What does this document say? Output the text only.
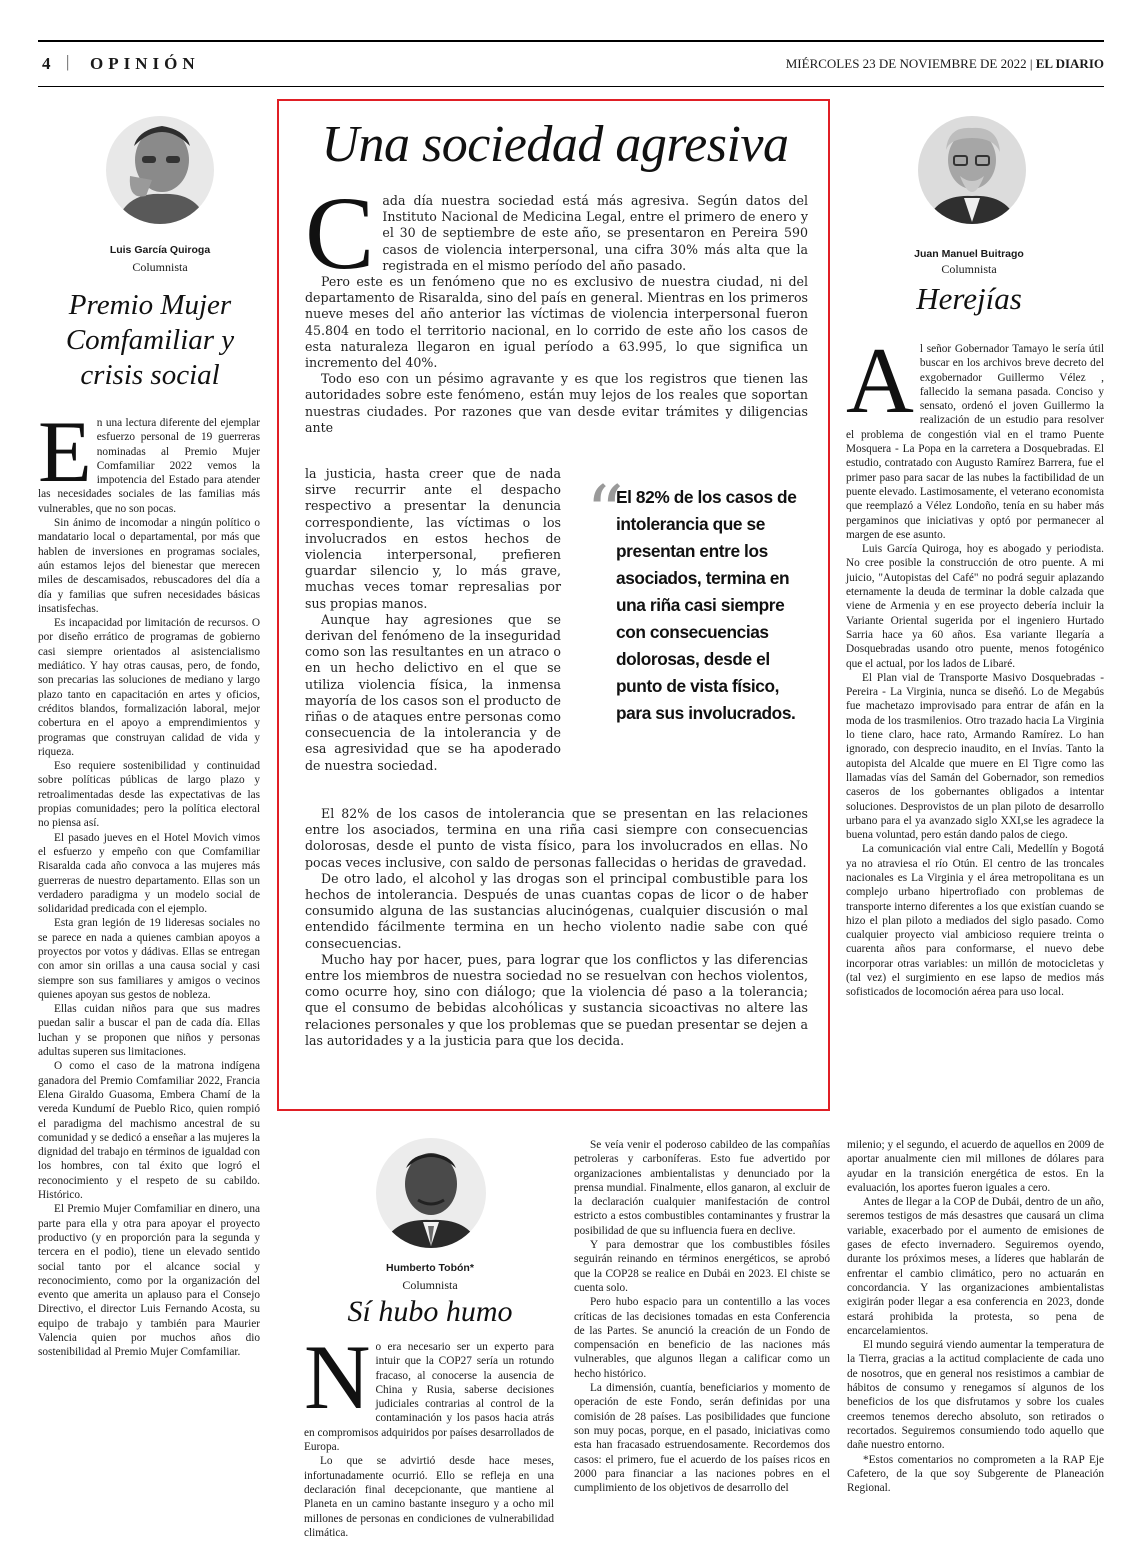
4 | OPINIÓN	MIÉRCOLES 23 DE NOVIEMBRE DE 2022 | EL DIARIO
Una sociedad agresiva
C ada día nuestra sociedad está más agresiva. Según datos del Instituto Nacional de Medicina Legal, entre el primero de enero y el 30 de septiembre de este año, se presentaron en Pereira 590 casos de violencia interpersonal, una cifra 30% más alta que la registrada en el mismo período del año pasado.

Pero este es un fenómeno que no es exclusivo de nuestra ciudad, ni del departamento de Risaralda, sino del país en general. Mientras en los primeros nueve meses del año anterior las víctimas de violencia interpersonal fueron 45.804 en todo el territorio nacional, en lo corrido de este año los casos de esta naturaleza llegaron en igual período a 63.995, lo que significa un incremento del 40%.

Todo eso con un pésimo agravante y es que los registros que tienen las autoridades sobre este fenómeno, están muy lejos de los reales que soportan nuestras ciudades. Por razones que van desde evitar trámites y diligencias ante

la justicia, hasta creer que de nada sirve recurrir ante el despacho respectivo a presentar la denuncia correspondiente, las víctimas o los involucrados en estos hechos de violencia interpersonal, prefieren guardar silencio y, lo más grave, muchas veces tomar represalias por sus propias manos.

Aunque hay agresiones que se derivan del fenómeno de la inseguridad como son las resultantes en un atraco o en un hecho delictivo en el que se utiliza violencia física, la inmensa mayoría de los casos son el producto de riñas o de ataques entre personas como consecuencia de la intolerancia y de esa agresividad que se ha apoderado de nuestra sociedad.

“
El 82% de los casos de intolerancia que se presentan entre los asociados, termina en una riña casi siempre con consecuencias dolorosas, desde el punto de vista físico, para sus involucrados.

El 82% de los casos de intolerancia que se presentan en las relaciones entre los asociados, termina en una riña casi siempre con consecuencias dolorosas, desde el punto de vista físico, para los involucrados en ellas. No pocas veces inclusive, con saldo de personas fallecidas o heridas de gravedad.

De otro lado, el alcohol y las drogas son el principal combustible para los hechos de intolerancia. Después de unas cuantas copas de licor o de haber consumido alguna de las sustancias alucinógenas, cualquier discusión o mal entendido fácilmente termina en un hecho violento nadie sabe con qué consecuencias.

Mucho hay por hacer, pues, para lograr que los conflictos y las diferencias entre los miembros de nuestra sociedad no se resuelvan con hechos violentos, como ocurre hoy, sino con diálogo; que la violencia dé paso a la tolerancia; que el consumo de bebidas alcohólicas y sustancia sicoactivas no altere las relaciones personales y que los problemas que se puedan presentar se dejen a las autoridades y a la justicia para que los decida.

Luis García Quiroga
Columnista
Premio Mujer Comfamiliar y crisis social
E n una lectura diferente del ejemplar esfuerzo personal de 19 guerreras nominadas al Premio Mujer Comfamiliar 2022 vemos la impotencia del Estado para atender las necesidades sociales de las familias más vulnerables, que no son pocas.

Sin ánimo de incomodar a ningún político o mandatario local o departamental, por más que hablen de inversiones en programas sociales, aún estamos lejos del bienestar que merecen miles de descamisados, rebuscadores del día a día y familias que sufren necesidades básicas insatisfechas.

Es incapacidad por limitación de recursos. O por diseño errático de programas de gobierno casi siempre orientados al asistencialismo mediático. Y hay otras causas, pero, de fondo, son precarias las soluciones de mediano y largo plazo tanto en capacitación en artes y oficios, créditos blandos, formalización laboral, mejor cobertura en el apoyo a emprendimientos y programas que construyan calidad de vida y riqueza.

Eso requiere sostenibilidad y continuidad sobre políticas públicas de largo plazo y retroalimentadas desde las expectativas de las propias comunidades; pero la política electoral no piensa así.

El pasado jueves en el Hotel Movich vimos el esfuerzo y empeño con que Comfamiliar Risaralda cada año convoca a las mujeres más guerreras de nuestro departamento. Ellas son un verdadero paradigma y un modelo social de solidaridad predicada con el ejemplo.

Esta gran legión de 19 lideresas sociales no se parece en nada a quienes cambian apoyos a proyectos por votos y dádivas. Ellas se entregan con amor sin orillas a una causa social y casi siempre son sus familiares y amigos o vecinos quienes apoyan sus gestos de nobleza.

Ellas cuidan niños para que sus madres puedan salir a buscar el pan de cada día. Ellas luchan y se proponen que niños y personas adultas superen sus limitaciones.

O como el caso de la matrona indígena ganadora del Premio Comfamiliar 2022, Francia Elena Giraldo Guasoma, Embera Chamí de la vereda Kundumí de Pueblo Rico, quien rompió el paradigma del machismo ancestral de su comunidad y se dedicó a enseñar a las mujeres la dignidad del trabajo en términos de igualdad con los hombres, con tal éxito que logró el reconocimiento y el respeto de su cabildo. Histórico.

El Premio Mujer Comfamiliar en dinero, una parte para ella y otra para apoyar el proyecto productivo (y en proporción para la segunda y tercera en el podio), tiene un elevado sentido social tanto por el alcance social y reconocimiento, como por la organización del evento que amerita un aplauso para el Consejo Directivo, el director Luis Fernando Acosta, su equipo de trabajo y también para Maurier Valencia quien por muchos años dio sostenibilidad al Premio Mujer Comfamiliar.

Juan Manuel Buitrago
Columnista
Herejías
A l señor Gobernador Tamayo le sería útil buscar en los archivos breve decreto del exgobernador Guillermo Vélez , fallecido la semana pasada. Conciso y sensato, ordenó el joven Guillermo la realización de un estudio para resolver el problema de congestión vial en el tramo Puente Mosquera - La Popa en la carretera a Dosquebradas. El estudio, contratado con Augusto Ramírez Barrera, fue el primer paso para sacar de las nubes la factibilidad de un puente elevado. Lastimosamente, el veterano economista que reemplazó a Vélez Londoño, tenía en su haber más pergaminos que iniciativas y optó por permanecer al margen de ese asunto.

Luis García Quiroga, hoy es abogado y periodista. No cree posible la construcción de otro puente. A mi juicio, "Autopistas del Café" no podrá seguir aplazando eternamente la deuda de terminar la doble calzada que viene de Armenia y en ese proyecto debería incluir la Variante Oriental sugerida por el ingeniero Hurtado Sarria hace ya 60 años. Esa variante llegaría a Dosquebradas usando otro puente, menos fotogénico que el actual, por los lados de Libaré.

El Plan vial de Transporte Masivo Dosquebradas -Pereira - La Virginia, nunca se diseñó. Lo de Megabús fue machetazo improvisado para entrar de afán en la moda de los trasmilenios. Otro trazado hacia La Virginia lo tiene claro, hace rato, Armando Ramírez. Lo han ignorado, con desprecio inaudito, en el Invías. Tanto la autopista del Alcalde que muere en El Tigre como las llamadas vías del Samán del Gobernador, son remedios caseros de los gobernantes obligados a intentar soluciones. Desprovistos de un plan piloto de desarrollo urbano para el ya avanzado siglo XXI,se les agradece la buena voluntad, pero están dando palos de ciego.

La comunicación vial entre Cali, Medellín y Bogotá ya no atraviesa el río Otún. El centro de las troncales nacionales es La Virginia y el área metropolitana es un complejo urbano hipertrofiado con problemas de transporte interno diferentes a los que existían cuando se hizo el plan piloto a mediados del siglo pasado. Como cualquier proyecto vial ambicioso requiere treinta o cuarenta años para conformarse, el nuevo debe incorporar otras variables: un millón de motocicletas y (tal vez) el surgimiento en ese lapso de medios más sofisticados de locomoción aérea para uso local.

Humberto Tobón*
Columnista
Sí hubo humo
N o era necesario ser un experto para intuir que la COP27 sería un rotundo fracaso, al conocerse la ausencia de China y Rusia, saberse decisiones judiciales contrarias al control de la contaminación y los pasos hacia atrás en compromisos adquiridos por países desarrollados de Europa.

Lo que se advirtió desde hace meses, infortunadamente ocurrió. Ello se refleja en una declaración final decepcionante, que mantiene al Planeta en un camino bastante inseguro y a ocho mil millones de personas en condiciones de vulnerabilidad climática.

Se veía venir el poderoso cabildeo de las compañías petroleras y carboníferas. Esto fue advertido por organizaciones ambientalistas y denunciado por la prensa mundial. Finalmente, ellos ganaron, al excluir de la declaración cualquier manifestación de control estricto a estos combustibles contaminantes y frustrar la posibilidad de que su influencia fuera en declive.

Y para demostrar que los combustibles fósiles seguirán reinando en términos energéticos, se aprobó que la COP28 se realice en Dubái en 2023. El chiste se cuenta solo.

Pero hubo espacio para un contentillo a las voces críticas de las decisiones tomadas en esta Conferencia de las Partes. Se anunció la creación de un Fondo de compensación en beneficio de las naciones más vulnerables, que algunos llegan a calificar como un hecho histórico.

La dimensión, cuantía, beneficiarios y momento de operación de este Fondo, serán definidas por una comisión de 28 países. Las posibilidades que funcione son muy pocas, porque, en el pasado, iniciativas como esta han fracasado estruendosamente. Recordemos dos casos: el primero, fue el acuerdo de los países ricos en 2000 para financiar a las naciones pobres en el cumplimiento de los objetivos de desarrollo del

milenio; y el segundo, el acuerdo de aquellos en 2009 de aportar anualmente cien mil millones de dólares para ayudar en la transición energética de estos. En la evaluación, los aportes fueron iguales a cero.

Antes de llegar a la COP de Dubái, dentro de un año, seremos testigos de más desastres que causará un clima variable, exacerbado por el aumento de emisiones de gases de efecto invernadero. Seguiremos oyendo, durante los próximos meses, a líderes que hablarán de enfrentar el cambio climático, pero no actuarán en concordancia. Y las organizaciones ambientalistas exigirán poder llegar a esa conferencia en 2023, donde estará prohibida la protesta, so pena de encarcelamientos.

El mundo seguirá viendo aumentar la temperatura de la Tierra, gracias a la actitud complaciente de cada uno de nosotros, que en general nos resistimos a cambiar de hábitos de consumo y renegamos sí algunos de los beneficios de los que disfrutamos y sobre los cuales creemos tenemos derecho absoluto, son retirados o recortados. Seguiremos consumiendo todo aquello que dañe nuestro entorno.

*Estos comentarios no comprometen a la RAP Eje Cafetero, de la que soy Subgerente de Planeación Regional.
